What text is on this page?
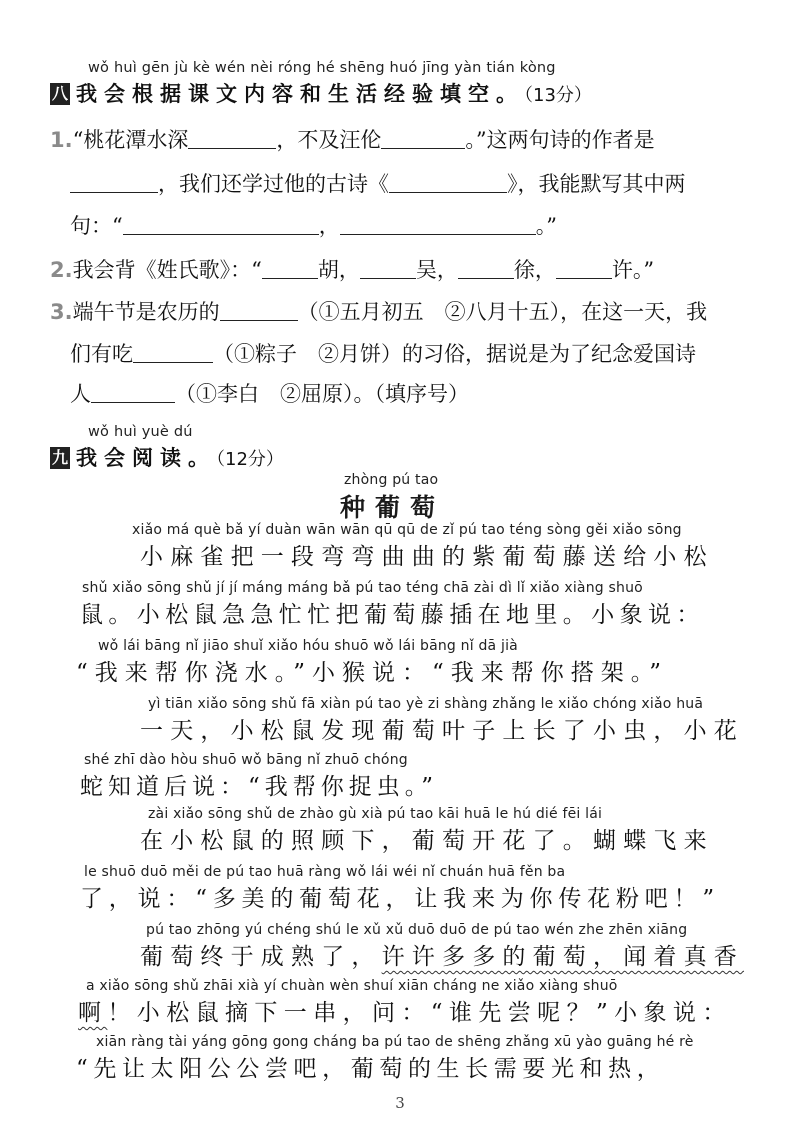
wǒ huì gēn jù kè wén nèi róng hé shēng huó jīng yàn tián kòng
八 我会根据课文内容和生活经验填空。（13分）
1.“桃花潭水深	，不及汪伦	。”这两句诗的作者是
，我们还学过他的古诗《	》，我能默写其中两
句：“	，	。”
2.我会背《姓氏歌》：“	胡，	吴，	徐，	许。”
3.端午节是农历的	（①五月初五　②八月十五），在这一天，我
们有吃	（①粽子　②月饼）的习俗，据说是为了纪念爱国诗
人	（①李白　②屈原）。（填序号）
wǒ huì yuè dú
九 我会阅读。（12分）
zhòng pú tao
种葡萄
xiǎo má què bǎ yí duàn wān wān qū qū de zǐ pú tao téng sòng gěi xiǎo sōng
小麻雀把一段弯弯曲曲的紫葡萄藤送给小松
shǔ xiǎo sōng shǔ jí jí máng máng bǎ pú tao téng chā zài dì lǐ xiǎo xiàng shuō
鼠。小松鼠急急忙忙把葡萄藤插在地里。小象说：
wǒ lái bāng nǐ jiāo shuǐ xiǎo hóu shuō wǒ lái bāng nǐ dā jià
“我来帮你浇水。”小猴说：“我来帮你搭架。”
yì tiān xiǎo sōng shǔ fā xiàn pú tao yè zi shàng zhǎng le xiǎo chóng xiǎo huā
一天，小松鼠发现葡萄叶子上长了小虫，小花
shé zhī dào hòu shuō wǒ bāng nǐ zhuō chóng
蛇知道后说：“我帮你捉虫。”
zài xiǎo sōng shǔ de zhào gù xià pú tao kāi huā le hú dié fēi lái
在小松鼠的照顾下，葡萄开花了。蝴蝶飞来
le shuō duō měi de pú tao huā ràng wǒ lái wéi nǐ chuán huā fěn ba
了，说：“多美的葡萄花，让我来为你传花粉吧！”
pú tao zhōng yú chéng shú le xǔ xǔ duō duō de pú tao wén zhe zhēn xiāng
葡萄终于成熟了，许许多多的葡萄，闻着真香
a xiǎo sōng shǔ zhāi xià yí chuàn wèn shuí xiān cháng ne xiǎo xiàng shuō
啊！小松鼠摘下一串，问：“谁先尝呢？”小象说：
xiān ràng tài yáng gōng gong cháng ba pú tao de shēng zhǎng xū yào guāng hé rè
“先让太阳公公尝吧，葡萄的生长需要光和热，
3
